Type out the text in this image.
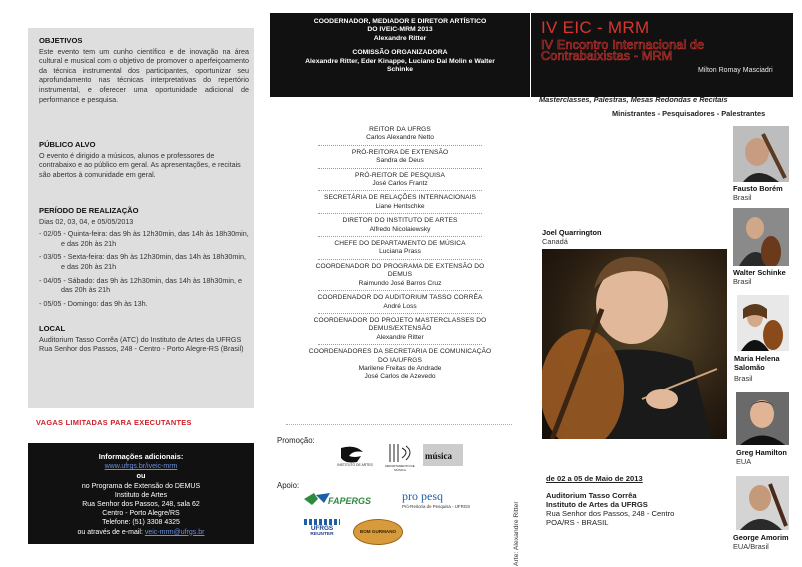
OBJETIVOS
Este evento tem um cunho científico e de inovação na área cultural e musical com o objetivo de promover o aperfeiçoamento da técnica instrumental dos participantes, oportunizar seu aprofundamento nas técnicas interpretativas do repertório instrumental, e oferecer uma oportunidade adicional de performance e pesquisa.
PÚBLICO ALVO
O evento é dirigido a músicos, alunos e professores de contrabaixo e ao público em geral. As apresentações, e recitais são abertos à comunidade em geral.
PERÍODO DE REALIZAÇÃO
Dias 02, 03, 04, e 05/05/2013
- 02/05 - Quinta-feira: das 9h às 12h30min, das 14h às 18h30min, e das 20h às 21h
- 03/05 - Sexta-feira: das 9h às 12h30min, das 14h às 18h30min, e das 20h às 21h
- 04/05 - Sábado: das 9h às 12h30min, das 14h às 18h30min, e das 20h às 21h
- 05/05 - Domingo: das 9h às 13h.
LOCAL
Auditorium Tasso Corrêa (ATC) do Instituto de Artes da UFRGS
Rua Senhor dos Passos, 248 - Centro - Porto Alegre-RS (Brasil)
VAGAS LIMITADAS PARA EXECUTANTES
Informações adicionais:
www.ufrgs.br/iveic-mrm
ou
no Programa de Extensão do DEMUS
Instituto de Artes
Rua Senhor dos Passos, 248, sala 62
Centro - Porto Alegre/RS
Telefone: (51) 3308 4325
ou através de e-mail: veic-mrm@ufrgs.br
COODERNADOR, MEDIADOR E DIRETOR ARTÍSTICO
DO IVEIC-MRM 2013
Alexandre Ritter
COMISSÃO ORGANIZADORA
Alexandre Ritter, Eder Kinappe, Luciano Dal Molin e Walter Schinke
REITOR DA UFRGS
Carlos Alexandre Netto
PRÓ-REITORA DE EXTENSÃO
Sandra de Deus
PRÓ-REITOR DE PESQUISA
José Carlos Frantz
SECRETÁRIA DE RELAÇÕES INTERNACIONAIS
Liane Hentschke
DIRETOR DO INSTITUTO DE ARTES
Alfredo Nicolaiewsky
CHEFE DO DEPARTAMENTO DE MÚSICA
Luciana Prass
COORDENADOR DO PROGRAMA DE EXTENSÃO DO DEMUS
Raimundo José Barros Cruz
COORDENADOR DO AUDITORIUM TASSO CORRÊA
André Loss
COORDENADOR DO PROJETO MASTERCLASSES DO DEMUS/EXTENSÃO
Alexandre Ritter
COORDENADORES DA SECRETARIA DE COMUNICAÇÃO DO IA/UFRGS
Marilene Freitas de Andrade
José Carlos de Azevedo
Promoção:
Apoio:
INSTITUTO DE ARTES	DEPARTAMENTO DE MÚSICA
música
FAPERGS	pro pesq
Pró-Reitoria de Pesquisa - UFRGS
UFRGS
REUNTER
BOM GURMANO
IV EIC - MRM
IV Encontro Internacional de
Contrabaixistas - MRM
Milton Romay Masciadri
Masterclasses, Palestras, Mesas Redondas e Recitais
Ministrantes - Pesquisadores - Palestrantes
Joel Quarrington
Canadá
Fausto Borém
Brasil
Walter Schinke
Brasil
Maria Helena Salomão
Brasil
Greg Hamilton
EUA
George Amorim
EUA/Brasil
de 02 a 05 de Maio de 2013
Auditorium Tasso Corrêa
Instituto de Artes da UFRGS
Rua Senhor dos Passos, 248 - Centro
POA/RS - BRASIL
Arte: Alexandre Ritter
